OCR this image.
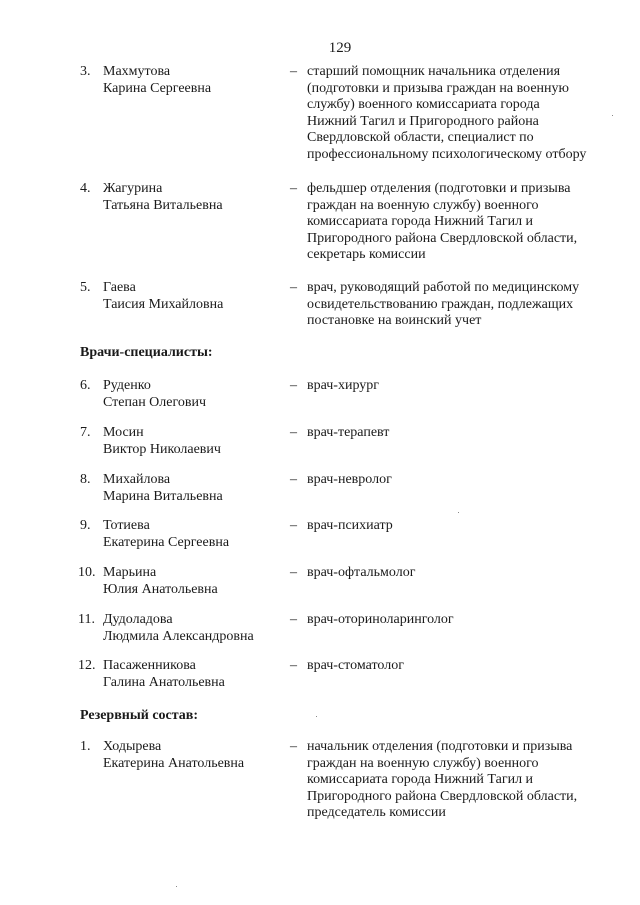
129
3. Махмутова
Карина Сергеевна
– старший помощник начальника отделения
(подготовки и призыва граждан на военную
службу) военного комиссариата города
Нижний Тагил и Пригородного района
Свердловской области, специалист по
профессиональному психологическому отбору
4. Жагурина
Татьяна Витальевна
– фельдшер отделения (подготовки и призыва
граждан на военную службу) военного
комиссариата города Нижний Тагил и
Пригородного района Свердловской области,
секретарь комиссии
5. Гаева
Таисия Михайловна
– врач, руководящий работой по медицинскому
освидетельствованию граждан, подлежащих
постановке на воинский учет
Врачи-специалисты:
6. Руденко
Степан Олегович
– врач-хирург
7. Мосин
Виктор Николаевич
– врач-терапевт
8. Михайлова
Марина Витальевна
– врач-невролог
9. Тотиева
Екатерина Сергеевна
– врач-психиатр
10. Марьина
Юлия Анатольевна
– врач-офтальмолог
11. Дудоладова
Людмила Александровна
– врач-оториноларинголог
12. Пасаженникова
Галина Анатольевна
– врач-стоматолог
Резервный состав:
1. Ходырева
Екатерина Анатольевна
– начальник отделения (подготовки и призыва
граждан на военную службу) военного
комиссариата города Нижний Тагил и
Пригородного района Свердловской области,
председатель комиссии
